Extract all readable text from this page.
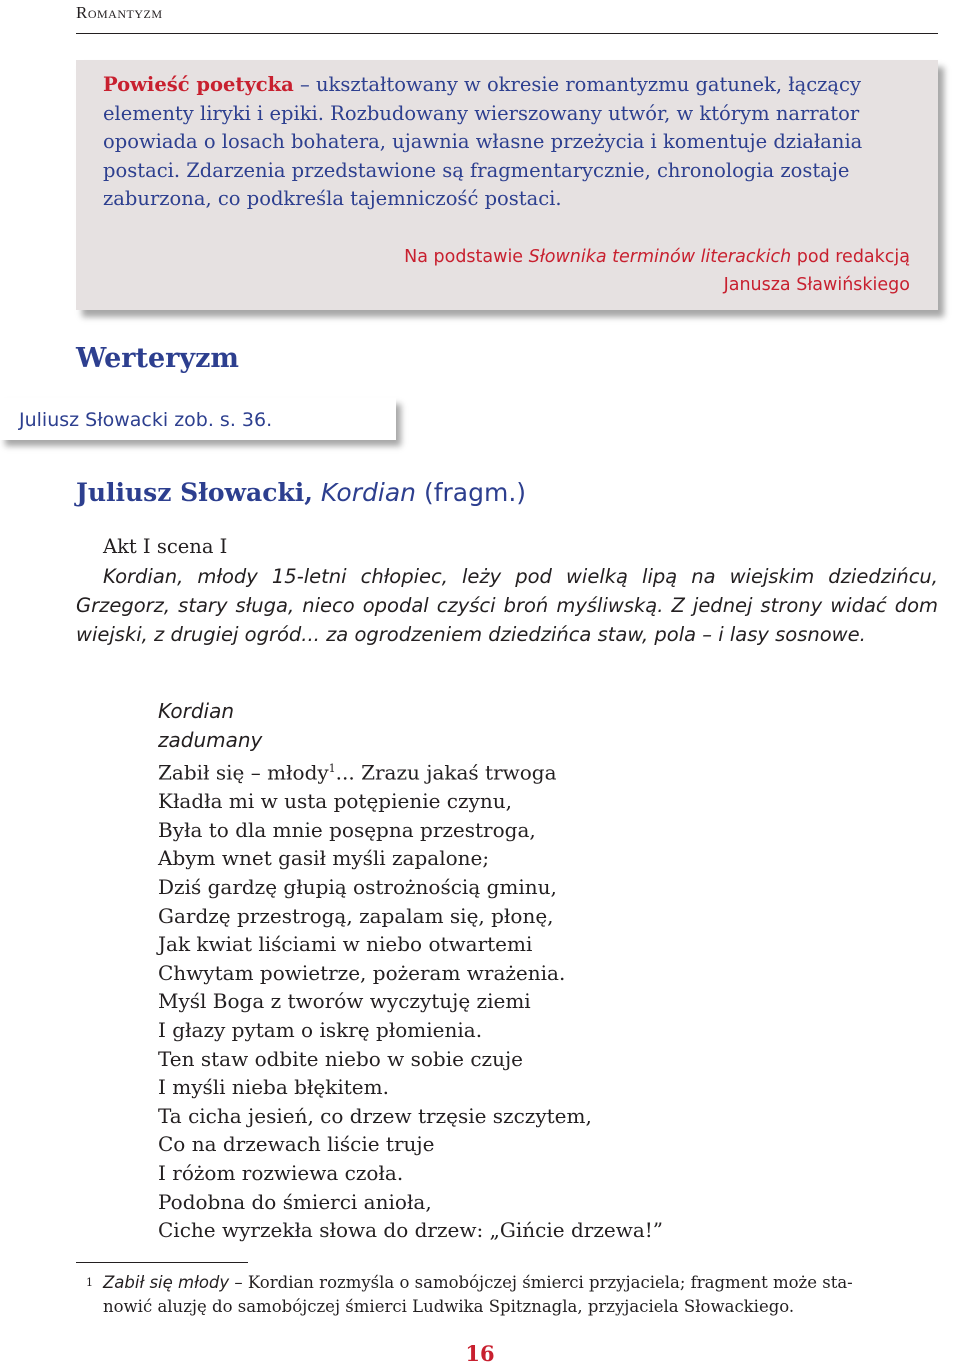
Romantyzm
Powieść poetycka – ukształtowany w okresie romantyzmu gatunek, łączący elementy liryki i epiki. Rozbudowany wierszowany utwór, w którym narrator opowiada o losach bohatera, ujawnia własne przeżycia i komentuje działania postaci. Zdarzenia przedstawione są fragmentarycznie, chronologia zostaje zaburzona, co podkreśla tajemniczość postaci.
Na podstawie Słownika terminów literackich pod redakcją
Janusza Sławińskiego
Werteryzm
Juliusz Słowacki zob. s. 36.
Juliusz Słowacki, Kordian (fragm.)
Akt I scena I
Kordian, młody 15-letni chłopiec, leży pod wielką lipą na wiejskim dziedzińcu, Grzegorz, stary sługa, nieco opodal czyści broń myśliwską. Z jednej strony widać dom wiejski, z drugiej ogród... za ogrodzeniem dziedzińca staw, pola – i lasy sosnowe.
Kordian
zadumany
Zabił się – młody$^1$... Zrazu jakaś trwoga
Kładła mi w usta potępienie czynu,
Była to dla mnie posępna przestroga,
Abym wnet gasił myśli zapalone;
Dziś gardzę głupią ostrożnością gminu,
Gardzę przestrogą, zapalam się, płonę,
Jak kwiat liściami w niebo otwartemi
Chwytam powietrze, pożeram wrażenia.
Myśl Boga z tworów wyczytuję ziemi
I głazy pytam o iskrę płomienia.
Ten staw odbite niebo w sobie czuje
I myśli nieba błękitem.
Ta cicha jesień, co drzew trzęsie szczytem,
Co na drzewach liście truje
I różom rozwiewa czoła.
Podobna do śmierci anioła,
Ciche wyrzekła słowa do drzew: „Gińcie drzewa!”
1 Zabił się młody – Kordian rozmyśla o samobójczej śmierci przyjaciela; fragment może sta-
nowić aluzję do samobójczej śmierci Ludwika Spitznagla, przyjaciela Słowackiego.
16
